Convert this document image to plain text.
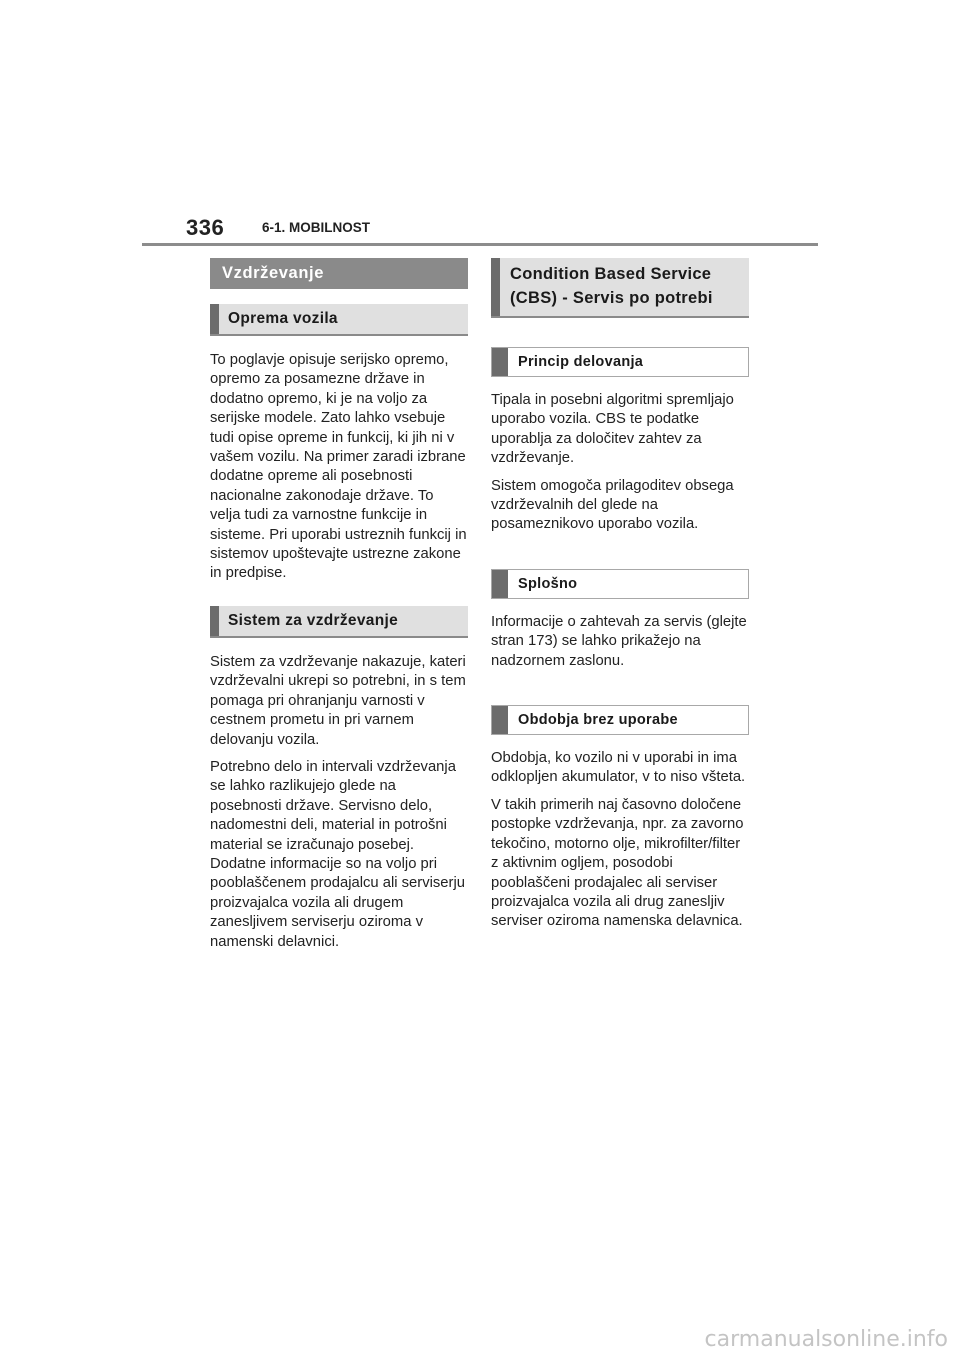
336	6-1. MOBILNOST
Vzdrževanje
Oprema vozila

To poglavje opisuje serijsko opremo, opremo za posamezne države in dodatno opremo, ki je na voljo za serijske modele. Zato lahko vsebuje tudi opise opreme in funkcij, ki jih ni v vašem vozilu. Na primer zaradi izbrane dodatne opreme ali posebnosti nacionalne zakonodaje države. To velja tudi za varnostne funkcije in sisteme. Pri uporabi ustreznih funkcij in sistemov upoštevajte ustrezne zakone in predpise.

Sistem za vzdrževanje

Sistem za vzdrževanje nakazuje, kateri vzdrževalni ukrepi so potrebni, in s tem pomaga pri ohranjanju varnosti v cestnem prometu in pri varnem delovanju vozila.

Potrebno delo in intervali vzdrževanja se lahko razlikujejo glede na posebnosti države. Servisno delo, nadomestni deli, material in potrošni material se izračunajo posebej. Dodatne informacije so na voljo pri pooblaščenem prodajalcu ali serviserju proizvajalca vozila ali drugem zanesljivem serviserju oziroma v namenski delavnici.

Condition Based Service
(CBS) - Servis po potrebi
Princip delovanja

Tipala in posebni algoritmi spremljajo uporabo vozila. CBS te podatke uporablja za določitev zahtev za vzdrževanje.

Sistem omogoča prilagoditev obsega vzdrževalnih del glede na posameznikovo uporabo vozila.

Splošno

Informacije o zahtevah za servis (glejte stran 173) se lahko prikažejo na nadzornem zaslonu.

Obdobja brez uporabe

Obdobja, ko vozilo ni v uporabi in ima odklopljen akumulator, v to niso všteta.

V takih primerih naj časovno določene postopke vzdrževanja, npr. za zavorno tekočino, motorno olje, mikrofilter/filter z aktivnim ogljem, posodobi pooblaščeni prodajalec ali serviser proizvajalca vozila ali drug zanesljiv serviser oziroma namenska delavnica.

carmanualsonline.info
